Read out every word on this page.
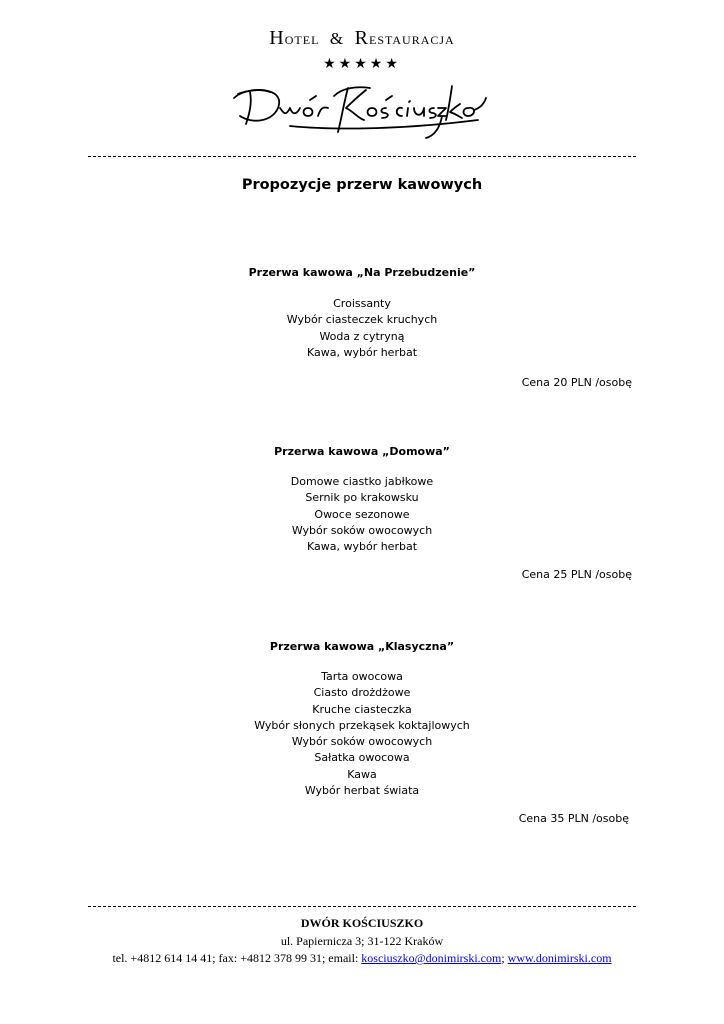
Hotel & Restauracja
★★★★★
Propozycje przerw kawowych
Przerwa kawowa „Na Przebudzenie”
Croissanty
Wybór ciasteczek kruchych
Woda z cytryną
Kawa, wybór herbat
Cena 20 PLN /osobę
Przerwa kawowa „Domowa”
Domowe ciastko jabłkowe
Sernik po krakowsku
Owoce sezonowe
Wybór soków owocowych
Kawa, wybór herbat
Cena 25 PLN /osobę
Przerwa kawowa „Klasyczna”
Tarta owocowa
Ciasto drożdżowe
Kruche ciasteczka
Wybór słonych przekąsek koktajlowych
Wybór soków owocowych
Sałatka owocowa
Kawa
Wybór herbat świata
Cena 35 PLN /osobę
DWÓR KOŚCIUSZKO
ul. Papiernicza 3; 31-122 Kraków
tel. +4812 614 14 41; fax: +4812 378 99 31; email: kosciuszko@donimirski.com; www.donimirski.com
